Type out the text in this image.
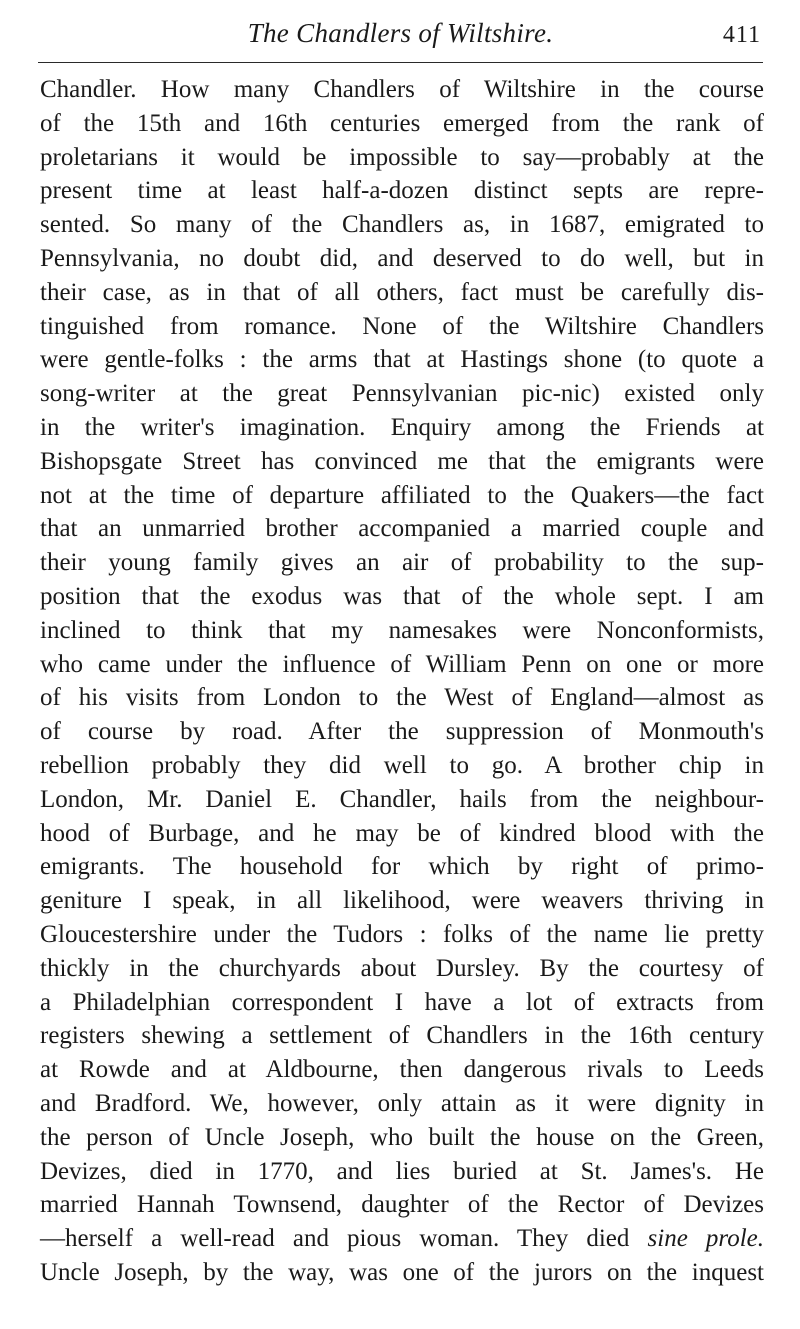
The Chandlers of Wiltshire.	411
Chandler. How many Chandlers of Wiltshire in the course
of the 15th and 16th centuries emerged from the rank of
proletarians it would be impossible to say—probably at the
present time at least half-a-dozen distinct septs are repre-
sented. So many of the Chandlers as, in 1687, emigrated to
Pennsylvania, no doubt did, and deserved to do well, but in
their case, as in that of all others, fact must be carefully dis-
tinguished from romance. None of the Wiltshire Chandlers
were gentle-folks : the arms that at Hastings shone (to quote a
song-writer at the great Pennsylvanian pic-nic) existed only
in the writer's imagination. Enquiry among the Friends at
Bishopsgate Street has convinced me that the emigrants were
not at the time of departure affiliated to the Quakers—the fact
that an unmarried brother accompanied a married couple and
their young family gives an air of probability to the sup-
position that the exodus was that of the whole sept. I am
inclined to think that my namesakes were Nonconformists,
who came under the influence of William Penn on one or more
of his visits from London to the West of England—almost as
of course by road. After the suppression of Monmouth's
rebellion probably they did well to go. A brother chip in
London, Mr. Daniel E. Chandler, hails from the neighbour-
hood of Burbage, and he may be of kindred blood with the
emigrants. The household for which by right of primo-
geniture I speak, in all likelihood, were weavers thriving in
Gloucestershire under the Tudors : folks of the name lie pretty
thickly in the churchyards about Dursley. By the courtesy of
a Philadelphian correspondent I have a lot of extracts from
registers shewing a settlement of Chandlers in the 16th century
at Rowde and at Aldbourne, then dangerous rivals to Leeds
and Bradford. We, however, only attain as it were dignity in
the person of Uncle Joseph, who built the house on the Green,
Devizes, died in 1770, and lies buried at St. James's. He
married Hannah Townsend, daughter of the Rector of Devizes
—herself a well-read and pious woman. They died sine prole.
Uncle Joseph, by the way, was one of the jurors on the inquest
